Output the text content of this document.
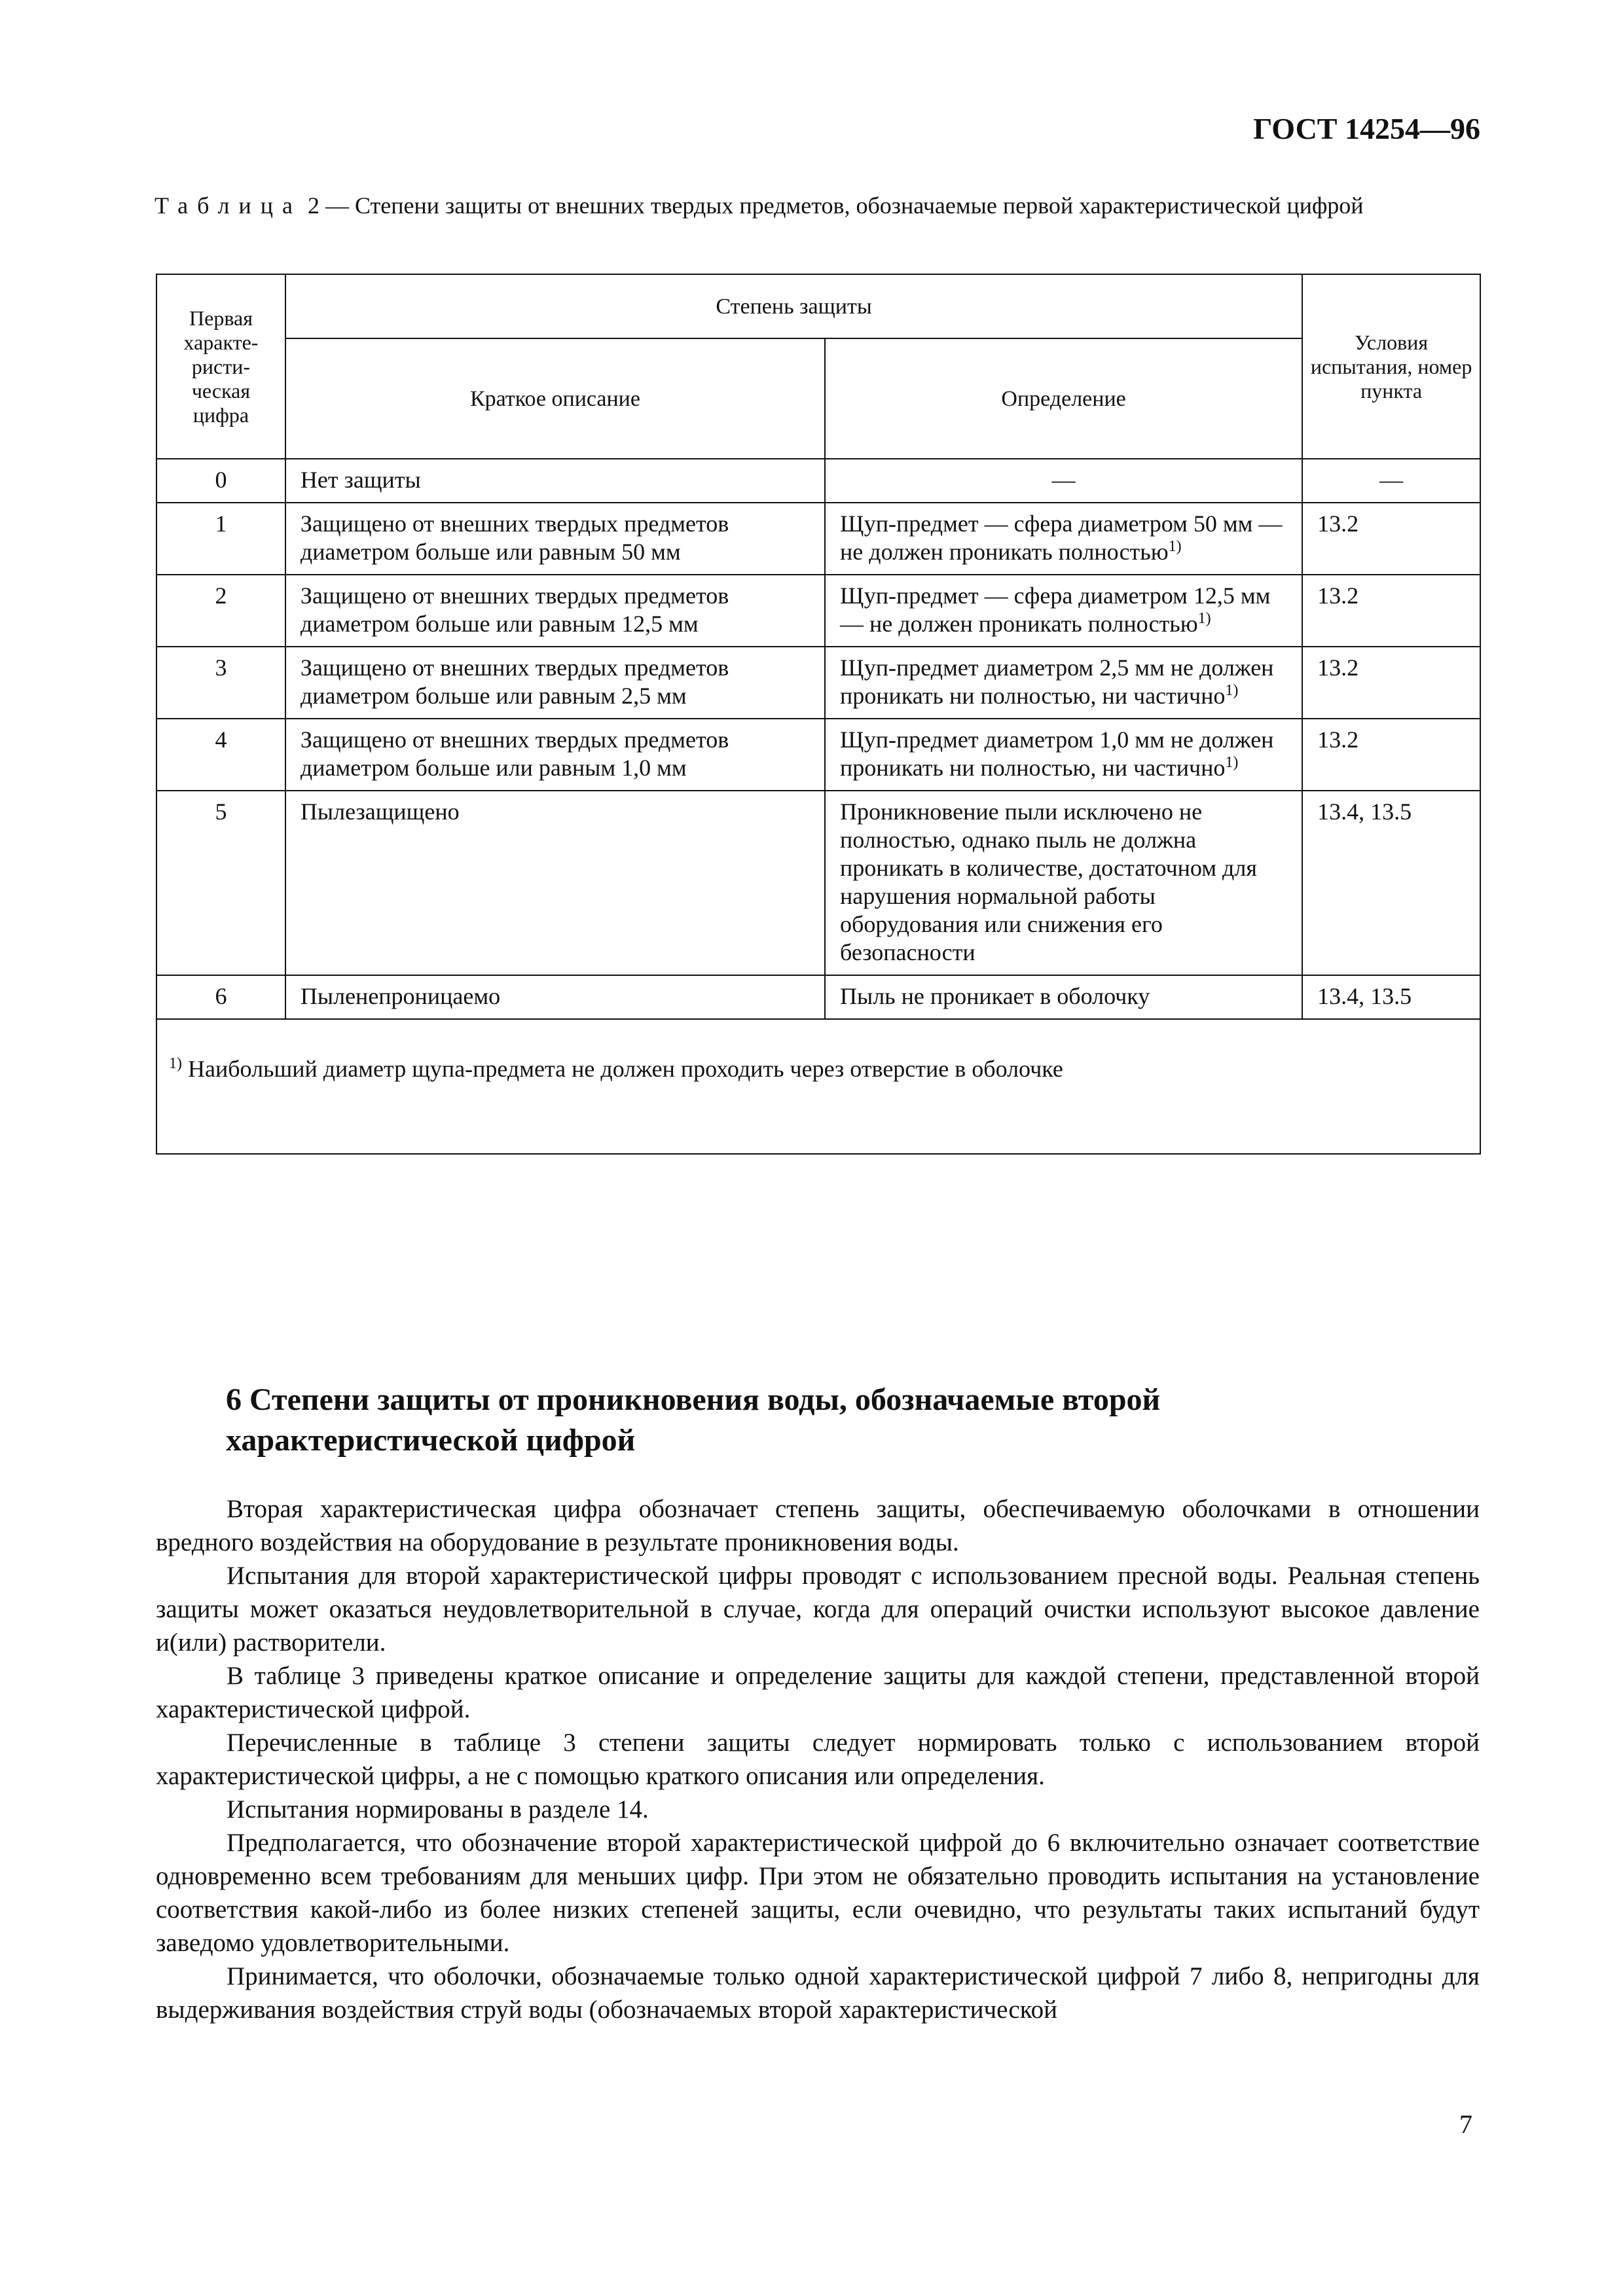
ГОСТ 14254—96
Таблица 2 — Степени защиты от внешних твердых предметов, обозначаемые первой характеристической цифрой
Первая характе-ристи-ческая цифра	Степень защиты		Условия испытания, номер пункта
	Краткое описание	Определение	
0	Нет защиты	—	—
1	Защищено от внешних твердых предметов диаметром больше или равным 50 мм	Щуп-предмет — сфера диаметром 50 мм — не должен проникать полностью$^{1)}$	13.2
2	Защищено от внешних твердых предметов диаметром больше или равным 12,5 мм	Щуп-предмет — сфера диаметром 12,5 мм — не должен проникать полностью$^{1)}$	13.2
3	Защищено от внешних твердых предметов диаметром больше или равным 2,5 мм	Щуп-предмет диаметром 2,5 мм не должен проникать ни полностью, ни частично$^{1)}$	13.2
4	Защищено от внешних твердых предметов диаметром больше или равным 1,0 мм	Щуп-предмет диаметром 1,0 мм не должен проникать ни полностью, ни частично$^{1)}$	13.2
5	Пылезащищено	Проникновение пыли исключено не полностью, однако пыль не должна проникать в количестве, достаточном для нарушения нормальной работы оборудования или снижения его безопасности	13.4, 13.5
6	Пыленепроницаемо	Пыль не проникает в оболочку	13.4, 13.5
$^{1)}$ Наибольший диаметр щупа-предмета не должен проходить через отверстие в оболочке			
6 Степени защиты от проникновения воды, обозначаемые второй характеристической цифрой

Вторая характеристическая цифра обозначает степень защиты, обеспечиваемую оболочками в отношении вредного воздействия на оборудование в результате проникновения воды.

Испытания для второй характеристической цифры проводят с использованием пресной воды. Реальная степень защиты может оказаться неудовлетворительной в случае, когда для операций очистки используют высокое давление и(или) растворители.

В таблице 3 приведены краткое описание и определение защиты для каждой степени, представленной второй характеристической цифрой.

Перечисленные в таблице 3 степени защиты следует нормировать только с использованием второй характеристической цифры, а не с помощью краткого описания или определения.

Испытания нормированы в разделе 14.

Предполагается, что обозначение второй характеристической цифрой до 6 включительно означает соответствие одновременно всем требованиям для меньших цифр. При этом не обязательно проводить испытания на установление соответствия какой-либо из более низких степеней защиты, если очевидно, что результаты таких испытаний будут заведомо удовлетворительными.

Принимается, что оболочки, обозначаемые только одной характеристической цифрой 7 либо 8, непригодны для выдерживания воздействия струй воды (обозначаемых второй характеристической

7
